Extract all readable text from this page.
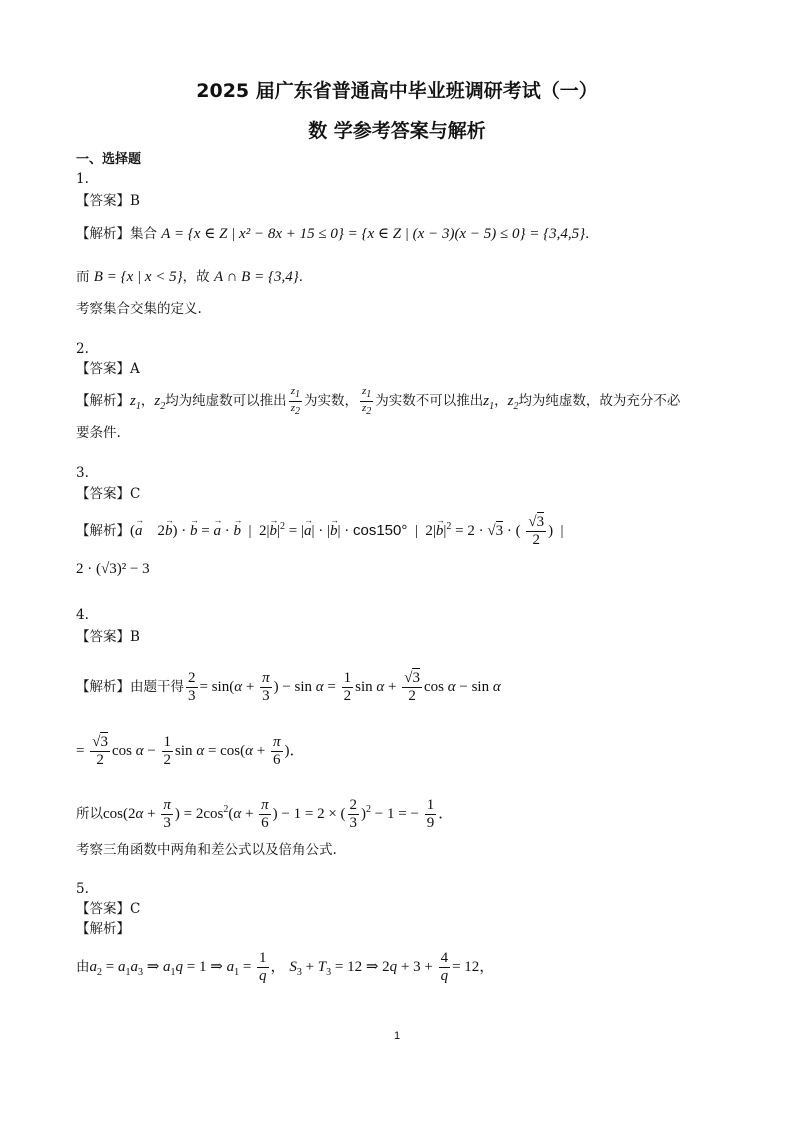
2025 届广东省普通高中毕业班调研考试（一）
数 学参考答案与解析
一、选择题
1.
【答案】B
【解析】集合 A = {x ∈ Z | x² − 8x + 15 ≤ 0} = {x ∈ Z | (x − 3)(x − 5) ≤ 0} = {3,4,5}．
而 B = {x | x < 5}，故 A ∩ B = {3,4}．
考察集合交集的定义.
2.
【答案】A
【解析】$z_1$，$z_2$均为纯虚数可以推出 $\frac{z_1}{z_2}$ 为实数， $\frac{z_1}{z_2}$ 为实数不可以推出$z_1$，$z_2$均为纯虚数，故为充分不必
要条件.
3.
【答案】C
【解析】(→ a    2→ b) · → b = → a · → b  |  $2|\to b|^2$ = |→ a| · |→ b| · cos150°  |  $2|\to b|^2 = 2 \cdot √3$ · ( $\frac{√3}{2}$ )  |
2 · (√3)² − 3
4.
【答案】B
【解析】由题干得 $\frac{2}{3} = \sin(\alpha + \frac{\pi}{3}$ ) − $\sin \alpha = \frac{1}{2}$ $\sin \alpha + \frac{√3}{2}$ cos α − sin α
= $\frac{√3}{2}$ $\cos \alpha - \frac{1}{2}$ $\sin \alpha = \cos(\alpha + \frac{\pi}{6}$ )．
所以$\cos(2\alpha + \frac{\pi}{3}$ ) = $2\cos^2(\alpha + \frac{\pi}{6}$ ) − 1 = 2 × ( $\frac{2}{3} )^2 - 1$ = − $\frac{1}{9}$ ．
考察三角函数中两角和差公式以及倍角公式.
5.
【答案】C
【解析】
由$a_2 = a_1a_3$ ⇒ $a_1q = 1$ ⇒ $a_1 = \frac{1}{q}$ ， $S_3 + T_3 = 12$ ⇒ $2q + 3 + \frac{4}{q} = 12$，
1
